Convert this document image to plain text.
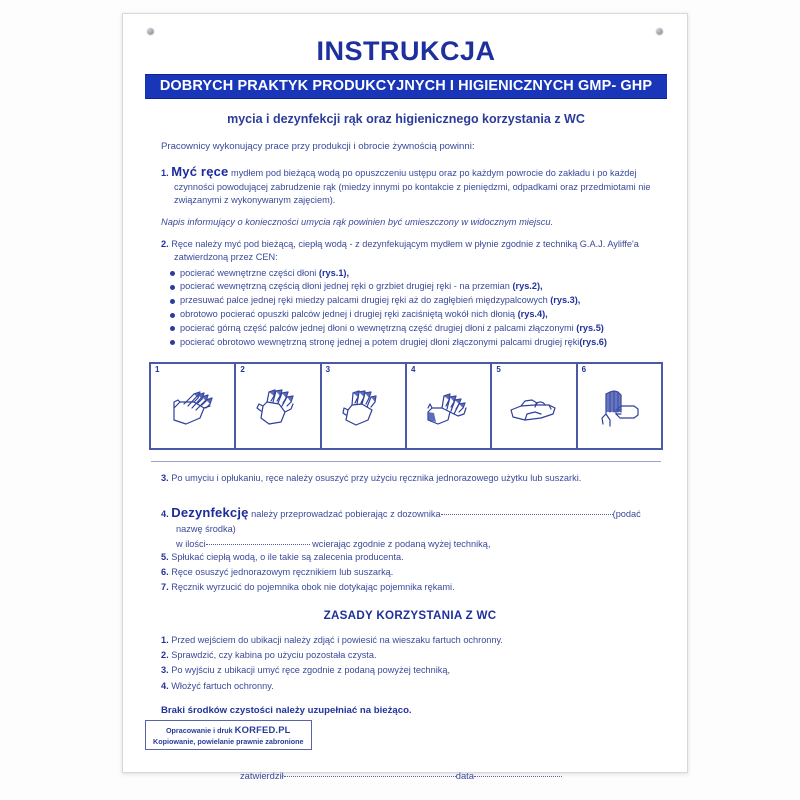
INSTRUKCJA
DOBRYCH PRAKTYK PRODUKCYJNYCH I HIGIENICZNYCH GMP- GHP
mycia i dezynfekcji rąk oraz higienicznego korzystania z WC
Pracownicy wykonujący prace przy produkcji i obrocie żywnością powinni:
1. Myć ręce mydłem pod bieżącą wodą po opuszczeniu ustępu oraz po każdym powrocie do zakładu i po każdej czynności powodującej zabrudzenie rąk (miedzy innymi po kontakcie z pieniędzmi, odpadkami oraz przedmiotami nie związanymi z wykonywanym zajęciem).
Napis informujący o konieczności umycia rąk powinien być umieszczony w widocznym miejscu.
2. Ręce należy myć pod bieżącą, ciepłą wodą - z dezynfekującym mydłem w płynie zgodnie z techniką G.A.J. Ayliffe'a zatwierdzoną przez CEN:
pocierać wewnętrzne części dłoni (rys.1),
pocierać wewnętrzną częścią dłoni jednej ręki o grzbiet drugiej ręki - na przemian (rys.2),
przesuwać palce jednej ręki miedzy palcami drugiej ręki aż do zagłębień międzypalcowych (rys.3),
obrotowo pocierać opuszki palców jednej i drugiej ręki zaciśniętą wokół nich dłonią (rys.4),
pocierać górną część palców jednej dłoni o wewnętrzną część drugiej dłoni z palcami złączonymi (rys.5)
pocierać obrotowo wewnętrzną stronę jednej a potem drugiej dłoni złączonymi palcami drugiej ręki(rys.6)
1	2	3	4	5	6
3. Po umyciu i opłukaniu, ręce należy osuszyć przy użyciu ręcznika jednorazowego użytku lub suszarki.
4. Dezynfekcję należy przeprowadzać pobierając z dozownika	(podać nazwę środka)
w ilości	wcierając zgodnie z podaną wyżej techniką,
5. Spłukać ciepłą wodą, o ile takie są zalecenia producenta.
6. Ręce osuszyć jednorazowym ręcznikiem lub suszarką.
7. Ręcznik wyrzucić do pojemnika obok nie dotykając pojemnika rękami.
ZASADY KORZYSTANIA Z WC
1. Przed wejściem do ubikacji należy zdjąć i powiesić na wieszaku fartuch ochronny.
2. Sprawdzić, czy kabina po użyciu pozostała czysta.
3. Po wyjściu z ubikacji umyć ręce zgodnie z podaną powyżej techniką,
4. Włożyć fartuch ochronny.
Braki środków czystości należy uzupełniać na bieżąco.
zatwierdził	data
Opracowanie i druk KORFED.PL
Kopiowanie, powielanie prawnie zabronione
